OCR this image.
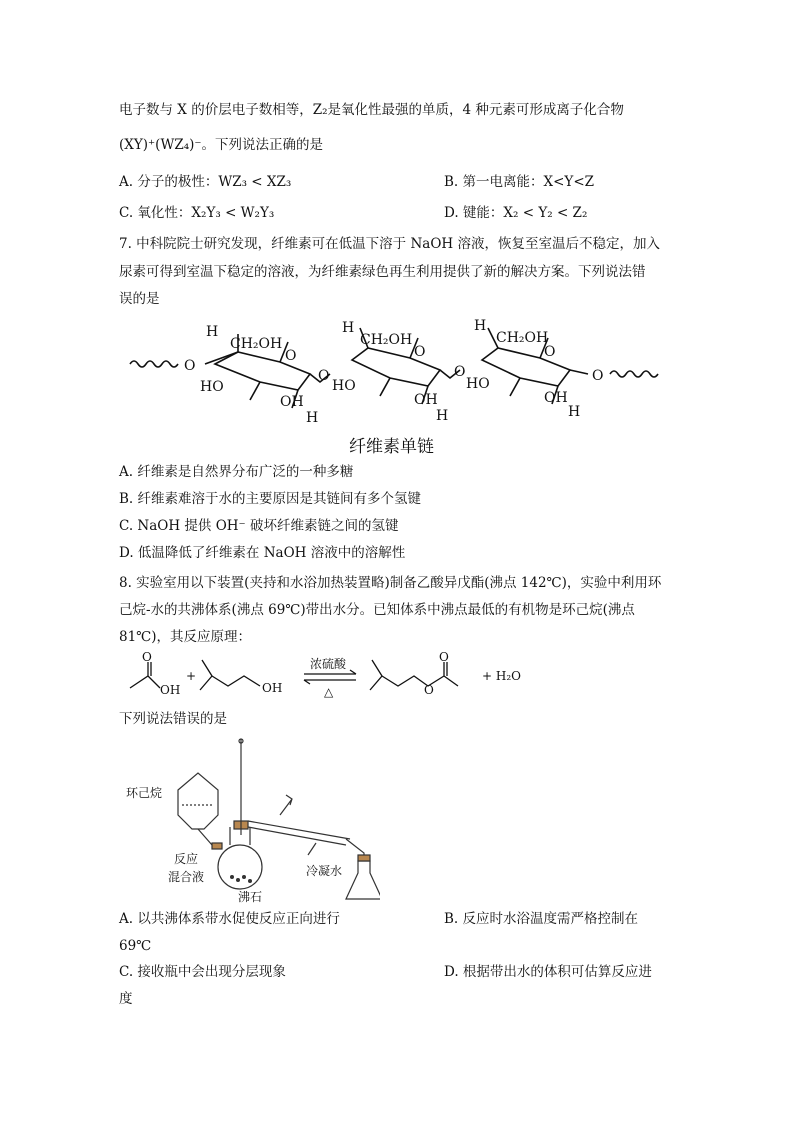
电子数与 X 的价层电子数相等，Z₂是氧化性最强的单质，4 种元素可形成离子化合物
(XY)⁺(WZ₄)⁻。下列说法正确的是
A. 分子的极性：WZ₃ < XZ₃	B. 第一电离能：X<Y<Z
C. 氧化性：X₂Y₃ < W₂Y₃	D. 键能：X₂ < Y₂ < Z₂
7. 中科院院士研究发现，纤维素可在低温下溶于 NaOH 溶液，恢复至室温后不稳定，加入
尿素可得到室温下稳定的溶液，为纤维素绿色再生利用提供了新的解决方案。下列说法错
误的是
O
H
CH₂OH
O
HO
OH
H
O
H
CH₂OH
O
HO
OH
H
O
H
CH₂OH
O
HO
OH
H
O
纤维素单链
A. 纤维素是自然界分布广泛的一种多糖
B. 纤维素难溶于水的主要原因是其链间有多个氢键
C. NaOH 提供 OH⁻ 破坏纤维素链之间的氢键
D. 低温降低了纤维素在 NaOH 溶液中的溶解性
8. 实验室用以下装置(夹持和水浴加热装置略)制备乙酸异戊酯(沸点 142℃)，实验中利用环
己烷-水的共沸体系(沸点 69℃)带出水分。已知体系中沸点最低的有机物是环己烷(沸点
81℃)，其反应原理：
O
OH
+
OH
浓硫酸
△	O
O
+ H₂O
下列说法错误的是
环己烷
反应
混合液
沸石
冷凝水
A. 以共沸体系带水促使反应正向进行	B. 反应时水浴温度需严格控制在
69℃
C. 接收瓶中会出现分层现象	D. 根据带出水的体积可估算反应进
度
